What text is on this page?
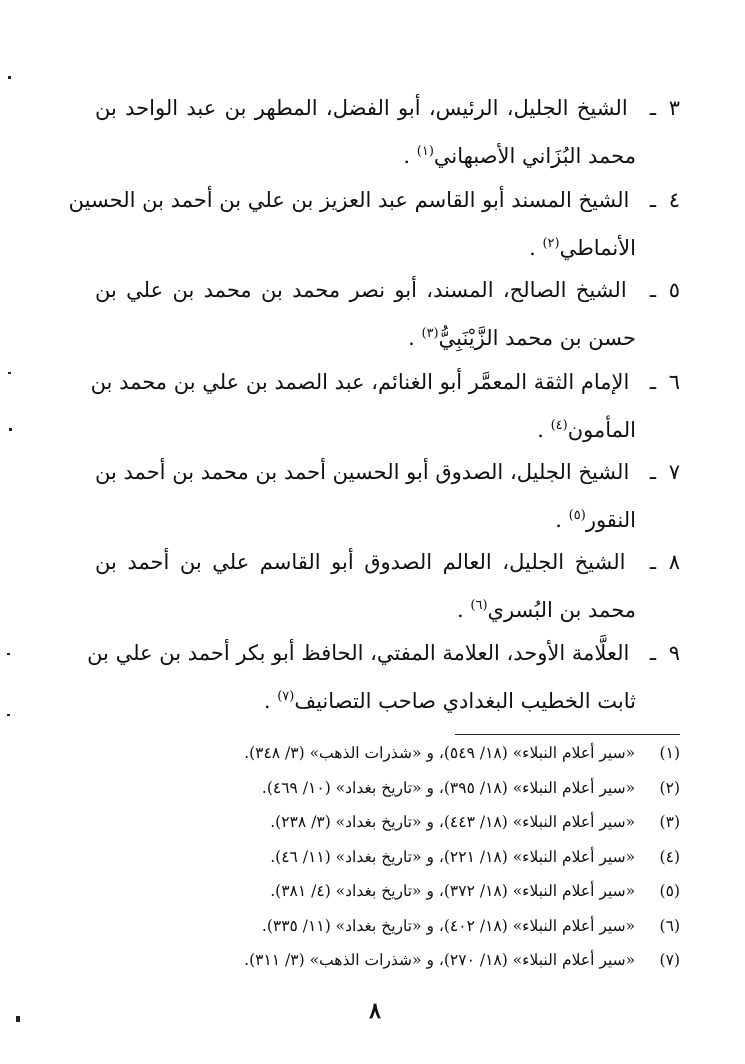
٣ـ الشيخ الجليل، الرئيس، أبو الفضل، المطهر بن عبد الواحد بن
محمد البُزَاني الأصبهاني$^{(١)}$ .
٤ـ الشيخ المسند أبو القاسم عبد العزيز بن علي بن أحمد بن الحسين
الأنماطي$^{(٢)}$ .
٥ـ الشيخ الصالح، المسند، أبو نصر محمد بن محمد بن علي بن
حسن بن محمد الزَّيْنَبِيُّ$^{(٣)}$ .
٦ـ الإمام الثقة المعمَّر أبو الغنائم، عبد الصمد بن علي بن محمد بن
المأمون$^{(٤)}$ .
٧ـ الشيخ الجليل، الصدوق أبو الحسين أحمد بن محمد بن أحمد بن
النقور$^{(٥)}$ .
٨ـ الشيخ الجليل، العالم الصدوق أبو القاسم علي بن أحمد بن
محمد بن البُسري$^{(٦)}$ .
٩ـ العلَّامة الأوحد، العلامة المفتي، الحافظ أبو بكر أحمد بن علي بن
ثابت الخطيب البغدادي صاحب التصانيف$^{(٧)}$ .
(١) «سير أعلام النبلاء» (١٨/ ٥٤٩)، و «شذرات الذهب» (٣/ ٣٤٨).
(٢) «سير أعلام النبلاء» (١٨/ ٣٩٥)، و «تاريخ بغداد» (١٠/ ٤٦٩).
(٣) «سير أعلام النبلاء» (١٨/ ٤٤٣)، و «تاريخ بغداد» (٣/ ٢٣٨).
(٤) «سير أعلام النبلاء» (١٨/ ٢٢١)، و «تاريخ بغداد» (١١/ ٤٦).
(٥) «سير أعلام النبلاء» (١٨/ ٣٧٢)، و «تاريخ بغداد» (٤/ ٣٨١).
(٦) «سير أعلام النبلاء» (١٨/ ٤٠٢)، و «تاريخ بغداد» (١١/ ٣٣٥).
(٧) «سير أعلام النبلاء» (١٨/ ٢٧٠)، و «شذرات الذهب» (٣/ ٣١١).
٨
